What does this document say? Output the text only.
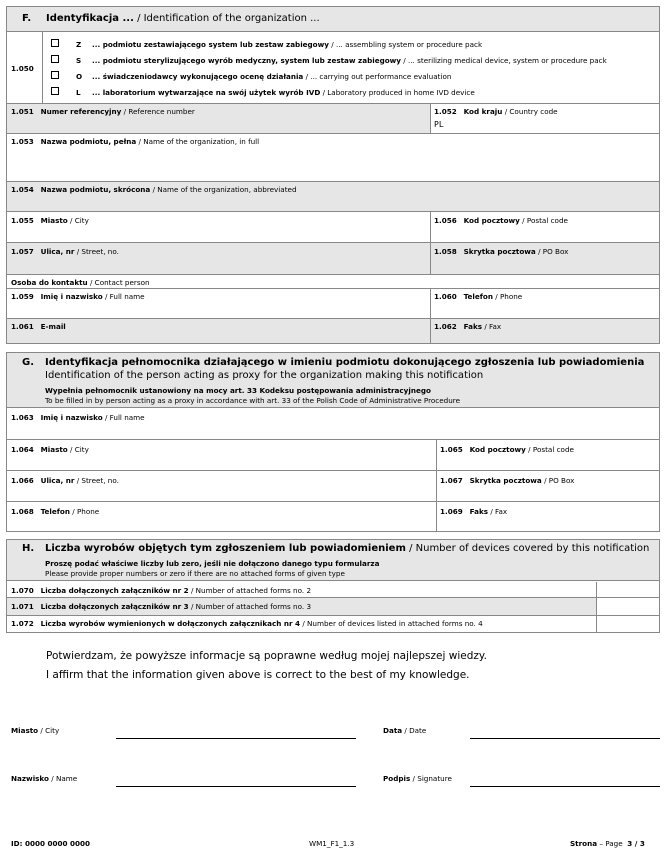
F. Identyfikacja ... / Identification of the organization ...
1.050
Z ... podmiotu zestawiającego system lub zestaw zabiegowy / ... assembling system or procedure pack
S ... podmiotu sterylizującego wyrób medyczny, system lub zestaw zabiegowy / ... sterilizing medical device, system or procedure pack
O ... świadczeniodawcy wykonującego ocenę działania / ... carrying out performance evaluation
L ... laboratorium wytwarzające na swój użytek wyrób IVD / Laboratory produced in home IVD device
1.051 Numer referencyjny / Reference number	1.052 Kod kraju / Country code
PL
1.053 Nazwa podmiotu, pełna / Name of the organization, in full
1.054 Nazwa podmiotu, skrócona / Name of the organization, abbreviated
1.055 Miasto / City	1.056 Kod pocztowy / Postal code
1.057 Ulica, nr / Street, no.	1.058 Skrytka pocztowa / PO Box
Osoba do kontaktu / Contact person
1.059 Imię i nazwisko / Full name	1.060 Telefon / Phone
1.061 E-mail	1.062 Faks / Fax
G. Identyfikacja pełnomocnika działającego w imieniu podmiotu dokonującego zgłoszenia lub powiadomienia
Identification of the person acting as proxy for the organization making this notification
Wypełnia pełnomocnik ustanowiony na mocy art. 33 Kodeksu postępowania administracyjnego
To be filled in by person acting as a proxy in accordance with art. 33 of the Polish Code of Administrative Procedure
1.063 Imię i nazwisko / Full name
1.064 Miasto / City	1.065 Kod pocztowy / Postal code
1.066 Ulica, nr / Street, no.	1.067 Skrytka pocztowa / PO Box
1.068 Telefon / Phone	1.069 Faks / Fax
H. Liczba wyrobów objętych tym zgłoszeniem lub powiadomieniem / Number of devices covered by this notification
Proszę podać właściwe liczby lub zero, jeśli nie dołączono danego typu formularza
Please provide proper numbers or zero if there are no attached forms of given type
1.070 Liczba dołączonych załączników nr 2 / Number of attached forms no. 2
1.071 Liczba dołączonych załączników nr 3 / Number of attached forms no. 3
1.072 Liczba wyrobów wymienionych w dołączonych załącznikach nr 4 / Number of devices listed in attached forms no. 4
Potwierdzam, że powyższe informacje są poprawne według mojej najlepszej wiedzy.
I affirm that the information given above is correct to the best of my knowledge.
Miasto / City	Data / Date
Nazwisko / Name	Podpis / Signature
ID: 0000 0000 0000	WM1_F1_1.3	Strona – Page 3 / 3
